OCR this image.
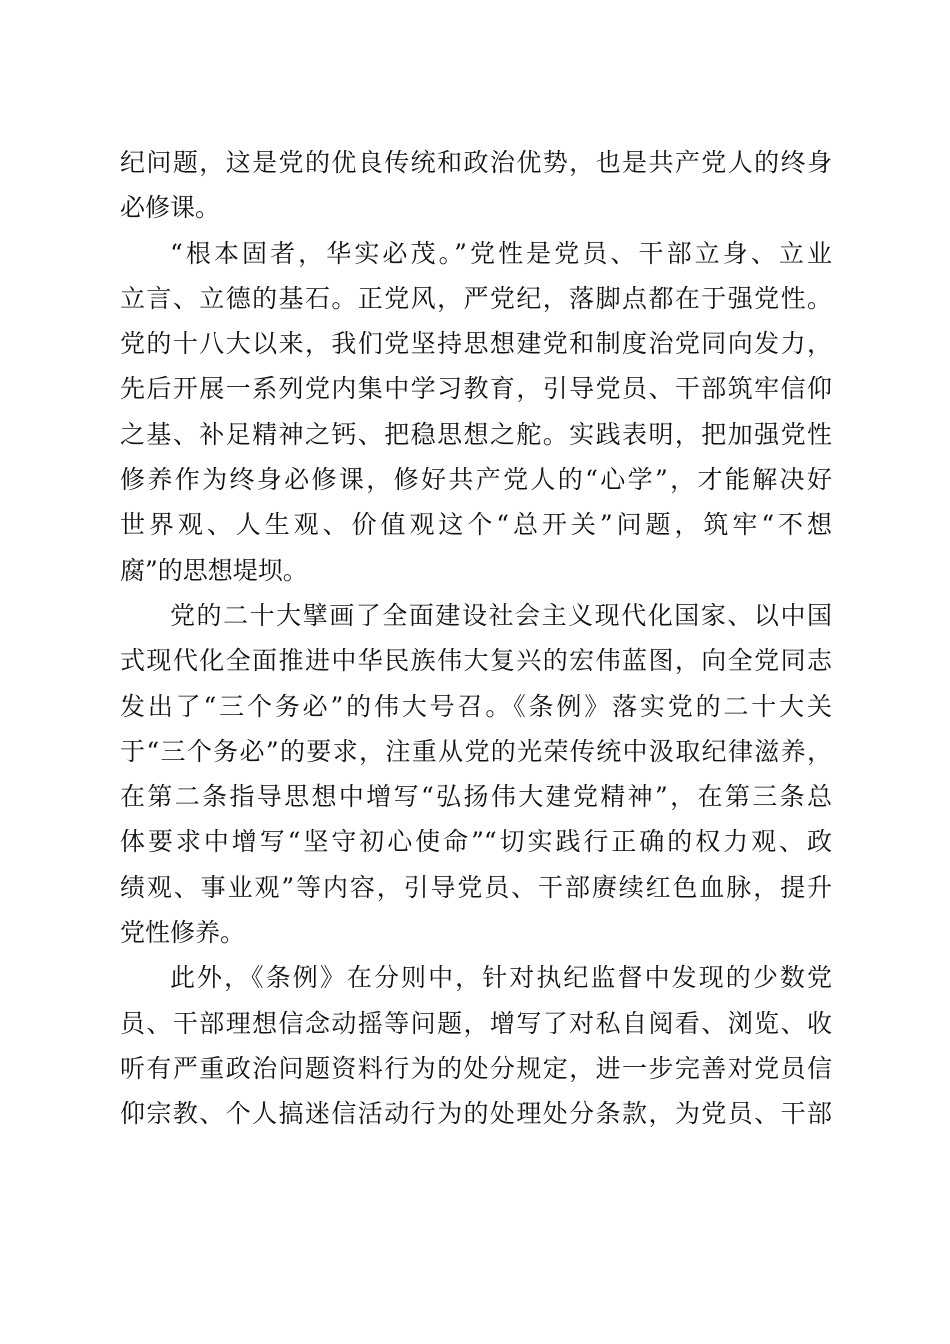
纪问题，这是党的优良传统和政治优势，也是共产党人的终身
必修课。
“根本固者，华实必茂。”党性是党员、干部立身、立业
立言、立德的基石。正党风，严党纪，落脚点都在于强党性。
党的十八大以来，我们党坚持思想建党和制度治党同向发力，
先后开展一系列党内集中学习教育，引导党员、干部筑牢信仰
之基、补足精神之钙、把稳思想之舵。实践表明，把加强党性
修养作为终身必修课，修好共产党人的“心学”，才能解决好
世界观、人生观、价值观这个“总开关”问题，筑牢“不想
腐”的思想堤坝。
党的二十大擘画了全面建设社会主义现代化国家、以中国
式现代化全面推进中华民族伟大复兴的宏伟蓝图，向全党同志
发出了“三个务必”的伟大号召。《条例》落实党的二十大关
于“三个务必”的要求，注重从党的光荣传统中汲取纪律滋养，
在第二条指导思想中增写“弘扬伟大建党精神”，在第三条总
体要求中增写“坚守初心使命”“切实践行正确的权力观、政
绩观、事业观”等内容，引导党员、干部赓续红色血脉，提升
党性修养。
此外，《条例》在分则中，针对执纪监督中发现的少数党
员、干部理想信念动摇等问题，增写了对私自阅看、浏览、收
听有严重政治问题资料行为的处分规定，进一步完善对党员信
仰宗教、个人搞迷信活动行为的处理处分条款，为党员、干部
